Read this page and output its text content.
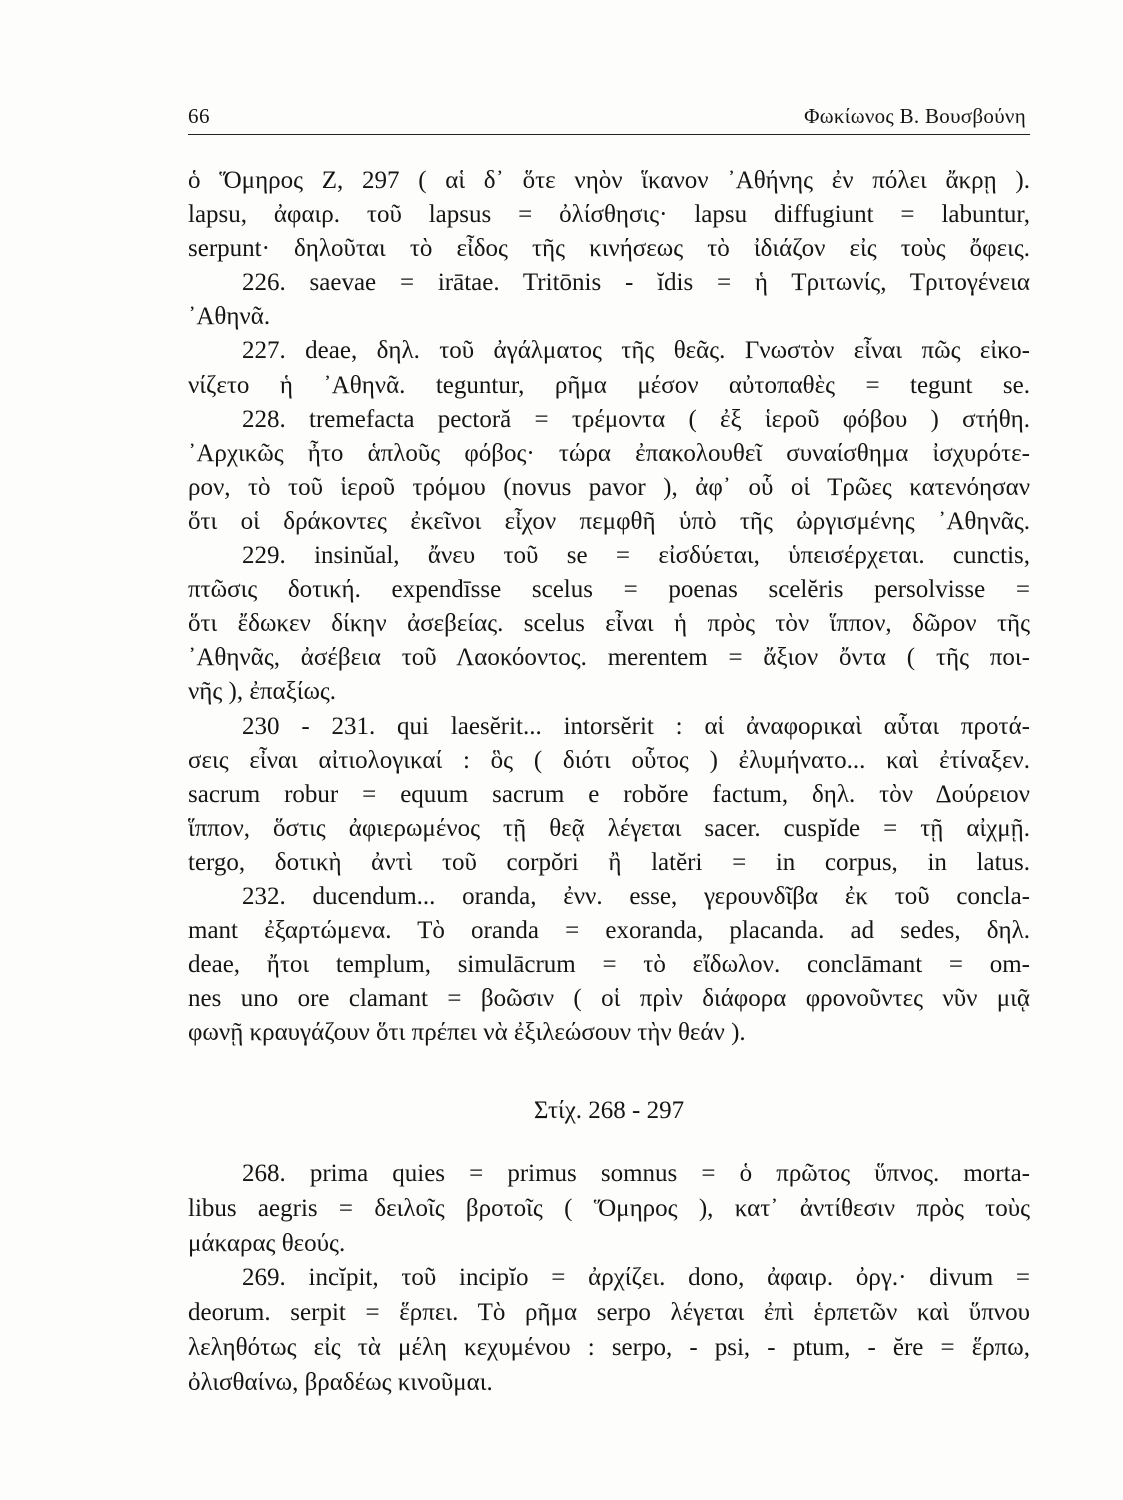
66	Φωκίωνος Β. Βουσβούνη
ὁ Ὅμηρος Ζ, 297 ( αἱ δ᾽ ὅτε νηὸν ἵκανον ᾽Αθήνης ἐν πόλει ἄκρῃ ).
lapsu, ἀφαιρ. τοῦ lapsus = ὀλίσθησις· lapsu diffugiunt = labuntur,
serpunt· δηλοῦται τὸ εἶδος τῆς κινήσεως τὸ ἰδιάζον εἰς τοὺς ὄφεις.
226. saevae = irātae. Tritōnis - ĭdis = ἡ Τριτωνίς, Τριτογένεια
᾽Αθηνᾶ.
227. deae, δηλ. τοῦ ἀγάλματος τῆς θεᾶς. Γνωστὸν εἶναι πῶς εἰκο-
νίζετο ἡ ᾽Αθηνᾶ. teguntur, ρῆμα μέσον αὐτοπαθὲς = tegunt se.
228. tremefacta pectoră = τρέμοντα ( ἐξ ἱεροῦ φόβου ) στήθη.
᾽Αρχικῶς ἦτο ἁπλοῦς φόβος· τώρα ἐπακολουθεῖ συναίσθημα ἰσχυρότε-
ρον, τὸ τοῦ ἱεροῦ τρόμου (novus pavor ), ἀφ᾽ οὗ οἱ Τρῶες κατενόησαν
ὅτι οἱ δράκοντες ἐκεῖνοι εἶχον πεμφθῆ ὑπὸ τῆς ὠργισμένης ᾽Αθηνᾶς.
229. insinŭal, ἄνευ τοῦ se = εἰσδύεται, ὑπεισέρχεται. cunctis,
πτῶσις δοτική. expendīsse scelus = poenas scelĕris persolvisse =
ὅτι ἔδωκεν δίκην ἀσεβείας. scelus εἶναι ἡ πρὸς τὸν ἵππον, δῶρον τῆς
᾽Αθηνᾶς, ἀσέβεια τοῦ Λαοκόοντος. merentem = ἄξιον ὄντα ( τῆς ποι-
νῆς ), ἐπαξίως.
230 - 231. qui laesĕrit... intorsĕrit : αἱ ἀναφορικαὶ αὗται προτά-
σεις εἶναι αἰτιολογικαί : ὃς ( διότι οὗτος ) ἐλυμήνατο... καὶ ἐτίναξεν.
sacrum robur = equum sacrum e robŏre factum, δηλ. τὸν Δούρειον
ἵππον, ὅστις ἀφιερωμένος τῇ θεᾷ λέγεται sacer. cuspĭde = τῇ αἰχμῇ.
tergo, δοτικὴ ἀντὶ τοῦ corpŏri ἢ latĕri = in corpus, in latus.
232. ducendum... oranda, ἐνν. esse, γερουνδῖβα ἐκ τοῦ concla-
mant ἐξαρτώμενα. Τὸ oranda = exoranda, placanda. ad sedes, δηλ.
deae, ἤτοι templum, simulācrum = τὸ εἴδωλον. conclāmant = om-
nes uno ore clamant = βοῶσιν ( οἱ πρὶν διάφορα φρονοῦντες νῦν μιᾷ
φωνῇ κραυγάζουν ὅτι πρέπει νὰ ἐξιλεώσουν τὴν θεάν ).
Στίχ. 268 - 297
268. prima quies = primus somnus = ὁ πρῶτος ὕπνος. morta-
libus aegris = δειλοῖς βροτοῖς ( Ὅμηρος ), κατ᾽ ἀντίθεσιν πρὸς τοὺς
μάκαρας θεούς.
269. incĭpit, τοῦ incipĭo = ἀρχίζει. dono, ἀφαιρ. ὀργ.· divum =
deorum. serpit = ἕρπει. Τὸ ρῆμα serpo λέγεται ἐπὶ ἑρπετῶν καὶ ὕπνου
λεληθότως εἰς τὰ μέλη κεχυμένου : serpo, - psi, - ptum, - ĕre = ἕρπω,
ὀλισθαίνω, βραδέως κινοῦμαι.
